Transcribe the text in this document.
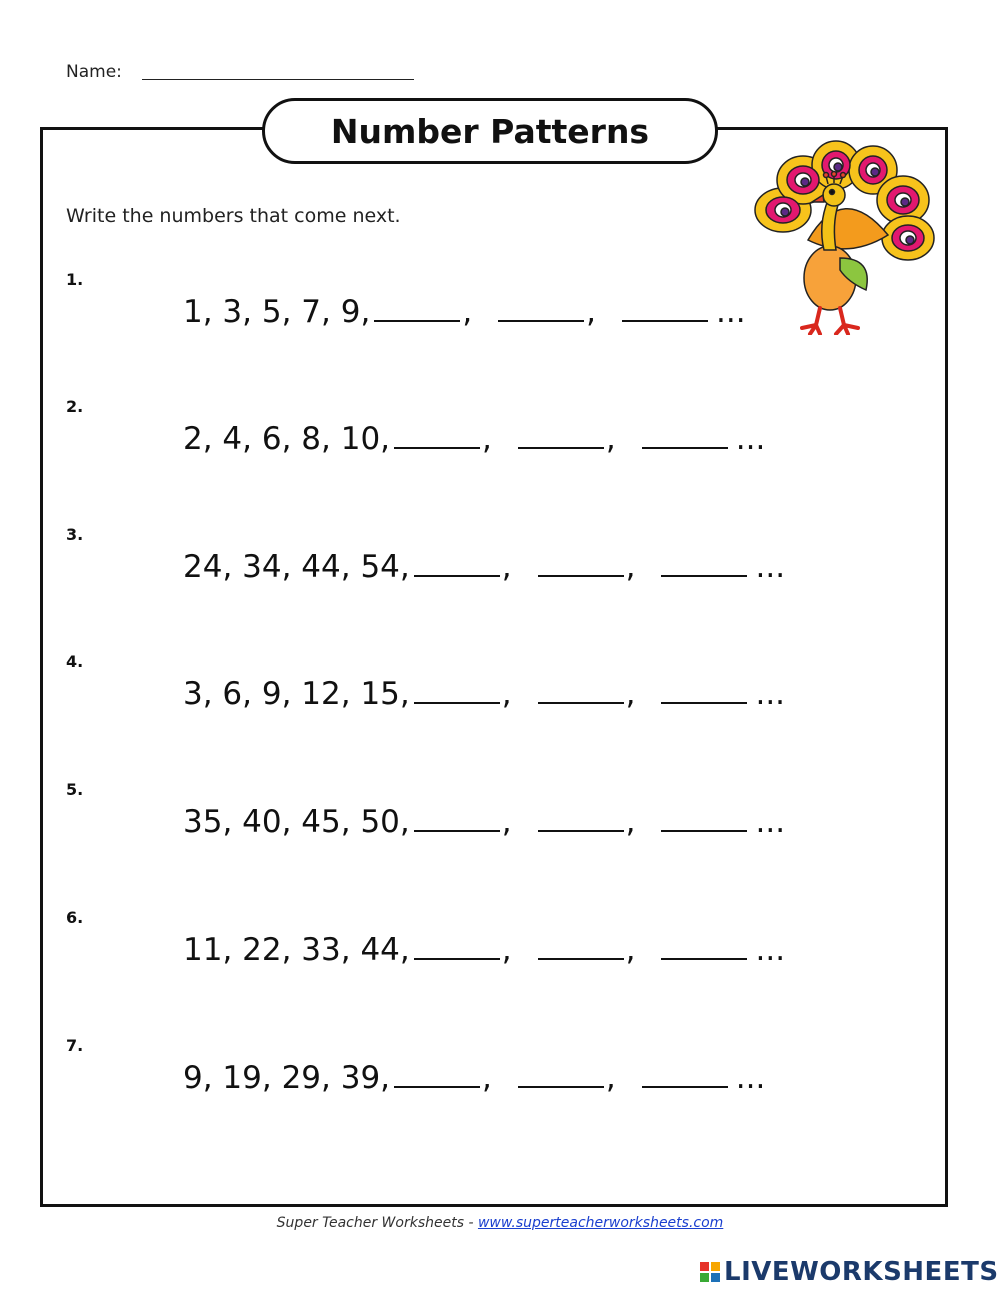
Name:
Number Patterns
Write the numbers that come next.
1.
1, 3, 5, 7, 9,	,	,	...
2.
2, 4, 6, 8, 10,	,	,	...
3.
24, 34, 44, 54,	,	,	...
4.
3, 6, 9, 12, 15,	,	,	...
5.
35, 40, 45, 50,	,	,	...
6.
11, 22, 33, 44,	,	,	...
7.
9, 19, 29, 39,	,	,	...
Super Teacher Worksheets - www.superteacherworksheets.com
LIVEWORKSHEETS
